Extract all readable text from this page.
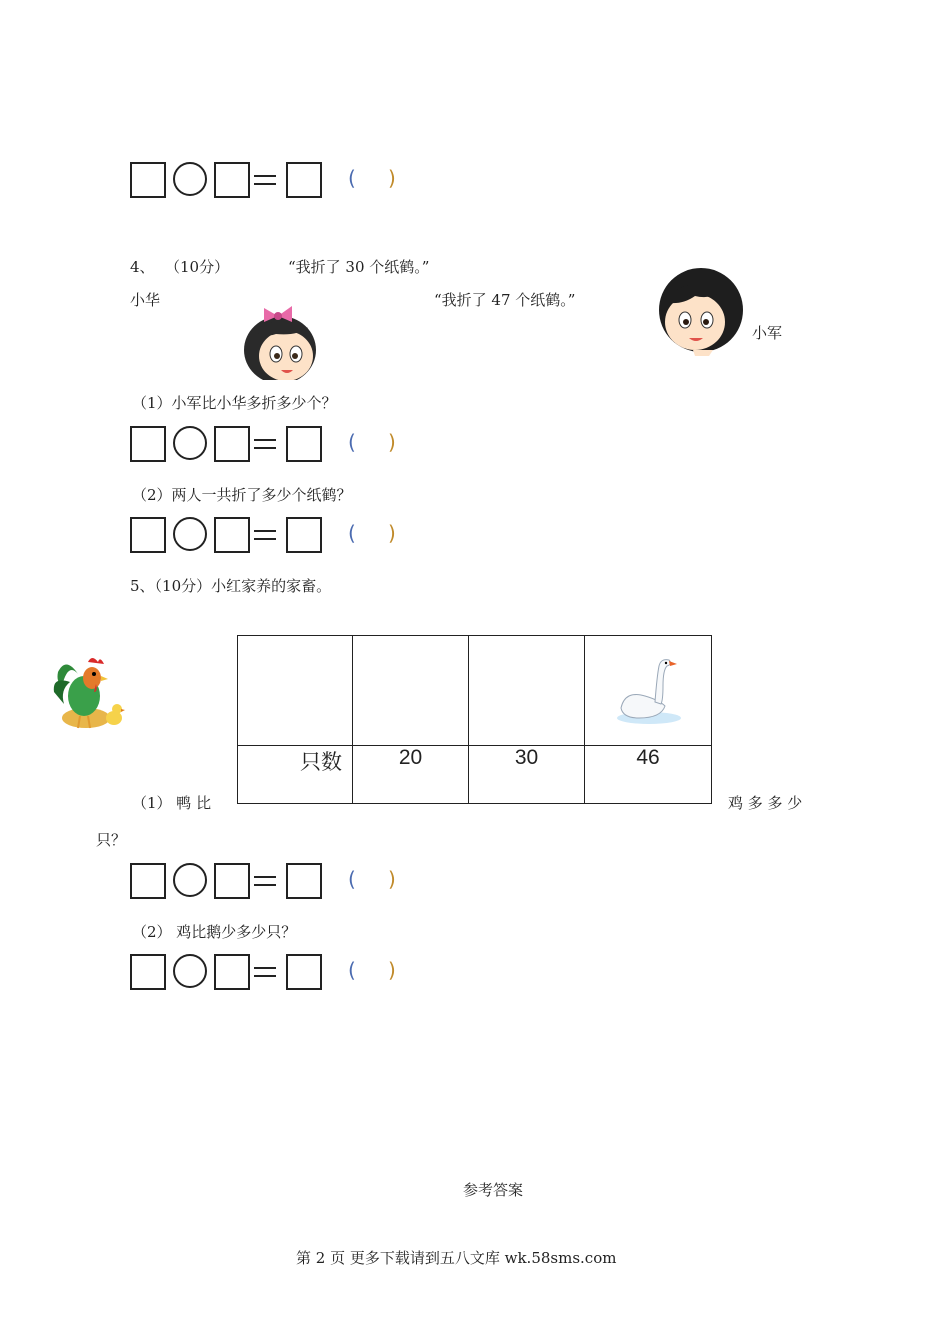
( )
4、 （10分）	“我折了 30 个纸鹤。”
小华	“我折了 47 个纸鹤。”
小军
（1）小军比小华多折多少个？
( )
（2）两人一共折了多少个纸鹤？
( )
5、（10分）小红家养的家畜。

只数	20	30	46
（1） 鸭 比	鸡 多 多 少
只？
( )
（2） 鸡比鹅少多少只？
( )
参考答案
第 2 页 更多下载请到五八文库 wk.58sms.com
